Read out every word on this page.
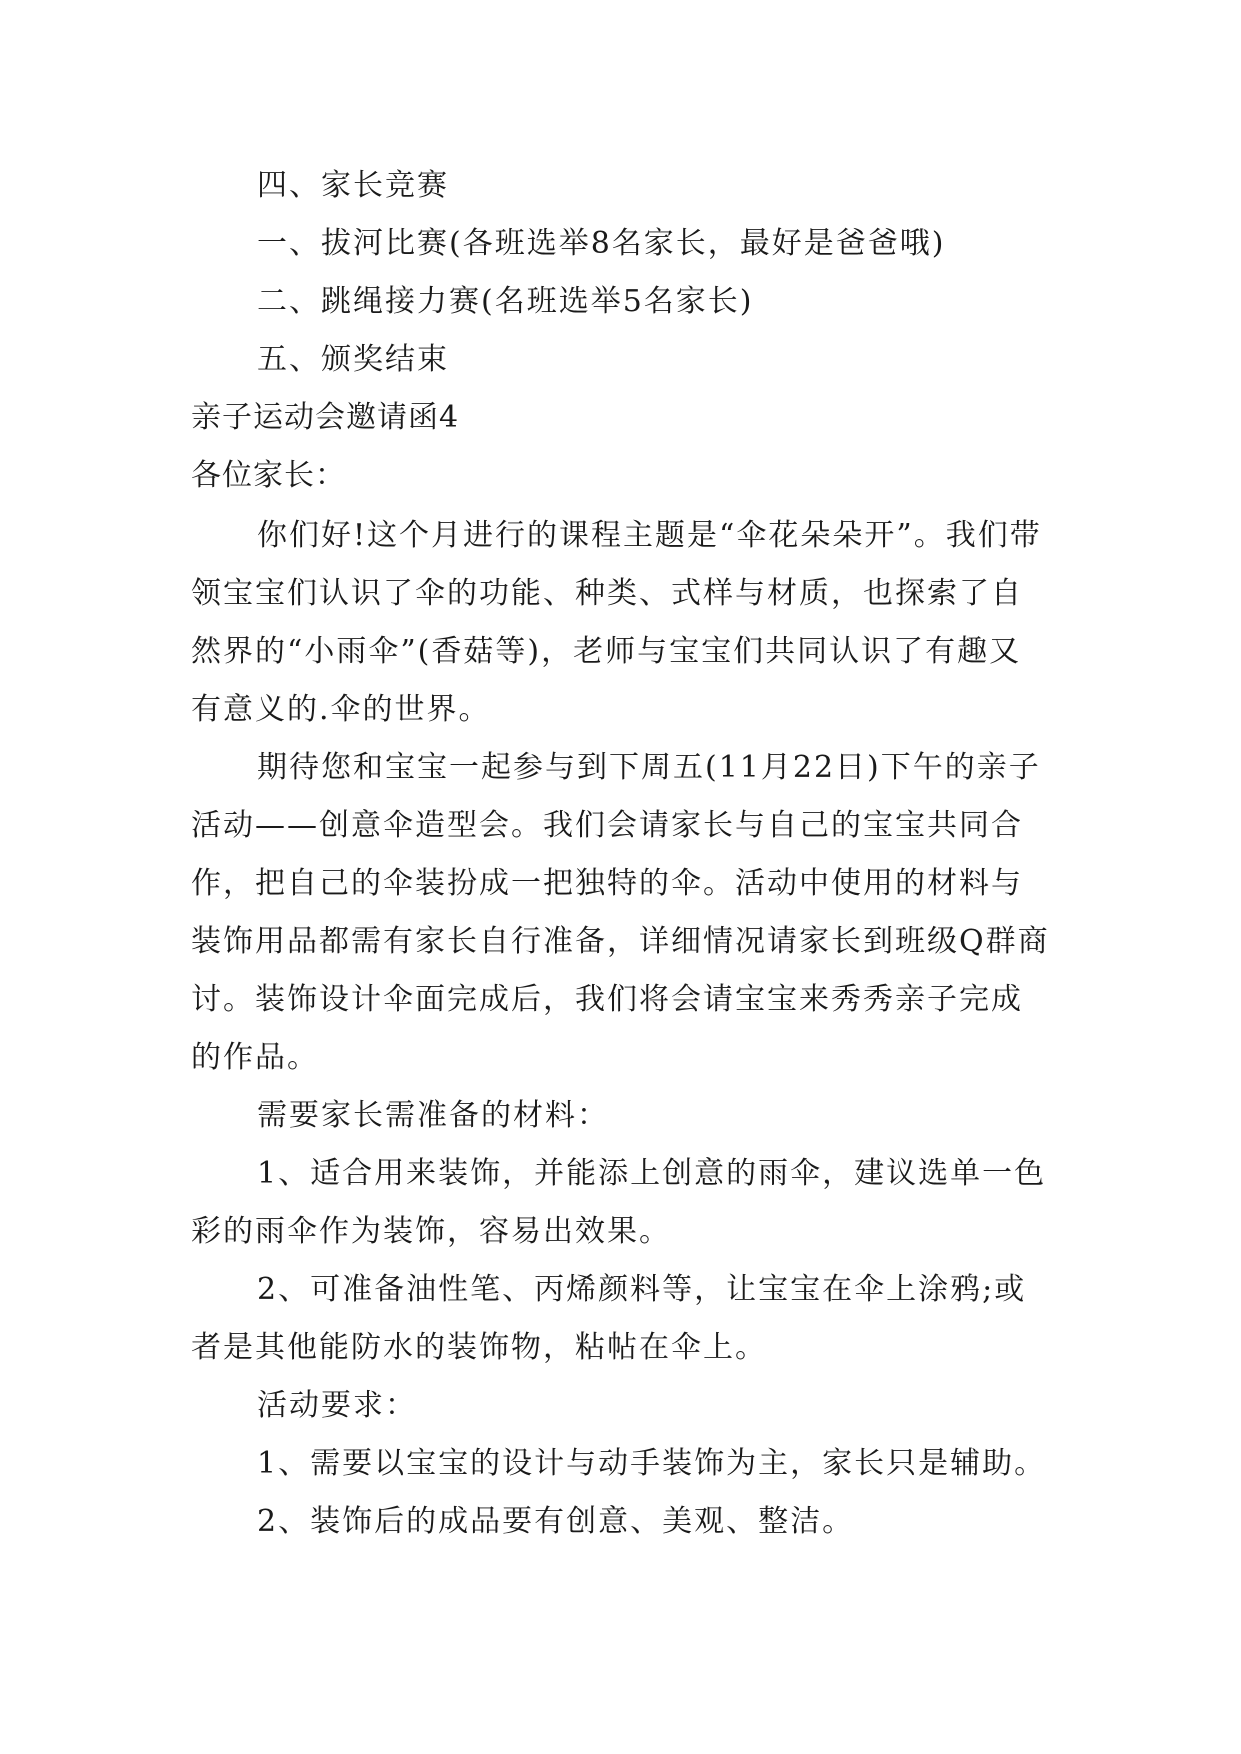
四、家长竞赛
一、拔河比赛(各班选举8名家长，最好是爸爸哦)
二、跳绳接力赛(名班选举5名家长)
五、颁奖结束
亲子运动会邀请函4
各位家长：

你们好!这个月进行的课程主题是“伞花朵朵开”。我们带领宝宝们认识了伞的功能、种类、式样与材质，也探索了自然界的“小雨伞”(香菇等)，老师与宝宝们共同认识了有趣又有意义的.伞的世界。

期待您和宝宝一起参与到下周五(11月22日)下午的亲子活动——创意伞造型会。我们会请家长与自己的宝宝共同合作，把自己的伞装扮成一把独特的伞。活动中使用的材料与装饰用品都需有家长自行准备，详细情况请家长到班级Q群商讨。装饰设计伞面完成后，我们将会请宝宝来秀秀亲子完成的作品。

需要家长需准备的材料：

1、适合用来装饰，并能添上创意的雨伞，建议选单一色彩的雨伞作为装饰，容易出效果。

2、可准备油性笔、丙烯颜料等，让宝宝在伞上涂鸦;或者是其他能防水的装饰物，粘帖在伞上。

活动要求：

1、需要以宝宝的设计与动手装饰为主，家长只是辅助。

2、装饰后的成品要有创意、美观、整洁。
